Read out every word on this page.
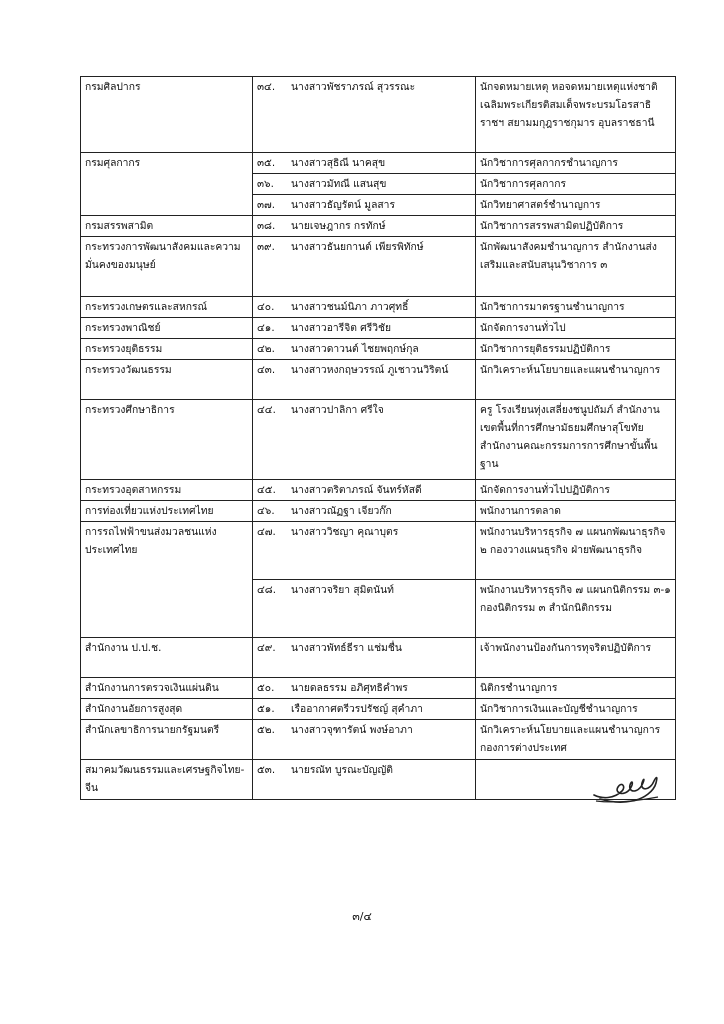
กรมศิลปากร	๓๔. นางสาวพัชราภรณ์ สุวรรณะ	นักจดหมายเหตุ หอจดหมายเหตุแห่งชาติเฉลิมพระเกียรติสมเด็จพระบรมโอรสาธิราชฯ สยามมกุฎราชกุมาร อุบลราชธานี
กรมศุลกากร	๓๕. นางสาวสุธิณี นาคสุข	นักวิชาการศุลกากรชำนาญการ

	๓๖. นางสาวมัทณี แสนสุข	นักวิชาการศุลกากร

	๓๗. นางสาวธัญรัตน์ มูลสาร	นักวิทยาศาสตร์ชำนาญการ
กรมสรรพสามิต	๓๘. นายเจษฎากร กรทักษ์	นักวิชาการสรรพสามิตปฏิบัติการ
กระทรวงการพัฒนาสังคมและความมั่นคงของมนุษย์	๓๙. นางสาวธันยกานต์ เพียรพิทักษ์	นักพัฒนาสังคมชำนาญการ สำนักงานส่งเสริมและสนับสนุนวิชาการ ๓
กระทรวงเกษตรและสหกรณ์	๔๐. นางสาวชนม์นิภา ภาวศุทธิ์	นักวิชาการมาตรฐานชำนาญการ
กระทรวงพาณิชย์	๔๑. นางสาวอารีจิต ศรีวิชัย	นักจัดการงานทั่วไป
กระทรวงยุติธรรม	๔๒. นางสาวดาวนต์ ไชยพฤกษ์กุล	นักวิชาการยุติธรรมปฏิบัติการ
กระทรวงวัฒนธรรม	๔๓. นางสาวหงกฤษวรรณ์ ภูเชาวนวิริตน์	นักวิเคราะห์นโยบายและแผนชำนาญการ
กระทรวงศึกษาธิการ	๔๔. นางสาวปาลิกา ศรีใจ	ครู โรงเรียนทุ่งเสลี่ยงชนูปถัมภ์ สำนักงานเขตพื้นที่การศึกษามัธยมศึกษาสุโขทัย สำนักงานคณะกรรมการการศึกษาขั้นพื้นฐาน
กระทรวงอุตสาหกรรม	๔๕. นางสาวตริตาภรณ์ จันทร์หัสดี	นักจัดการงานทั่วไปปฏิบัติการ
การท่องเที่ยวแห่งประเทศไทย	๔๖. นางสาวณัฏฐา เจียวก๊ก	พนักงานการตลาด
การรถไฟฟ้าขนส่งมวลชนแห่งประเทศไทย	๔๗. นางสาววิชญา คุณาบุตร	พนักงานบริหารธุรกิจ ๗ แผนกพัฒนาธุรกิจ ๒ กองวางแผนธุรกิจ ฝ่ายพัฒนาธุรกิจ

	๔๘. นางสาวจริยา สุมิตนันท์	พนักงานบริหารธุรกิจ ๗ แผนกนิติกรรม ๓-๑ กองนิติกรรม ๓ สำนักนิติกรรม
สำนักงาน ป.ป.ช.	๔๙. นางสาวพัทธ์ธีรา แช่มชื่น	เจ้าพนักงานป้องกันการทุจริตปฏิบัติการ
สำนักงานการตรวจเงินแผ่นดิน	๕๐. นายดลธรรม อภิศุทธิคำพร	นิติกรชำนาญการ
สำนักงานอัยการสูงสุด	๕๑. เรืออากาศตรีวรปรัชญ์ สุคำภา	นักวิชาการเงินและบัญชีชำนาญการ
สำนักเลขาธิการนายกรัฐมนตรี	๕๒. นางสาวจุฑารัตน์ พงษ์อาภา	นักวิเคราะห์นโยบายและแผนชำนาญการ กองการต่างประเทศ
สมาคมวัฒนธรรมและเศรษฐกิจไทย-จีน	๕๓. นายรณัท บูรณะบัญญัติ	

๓/๔
